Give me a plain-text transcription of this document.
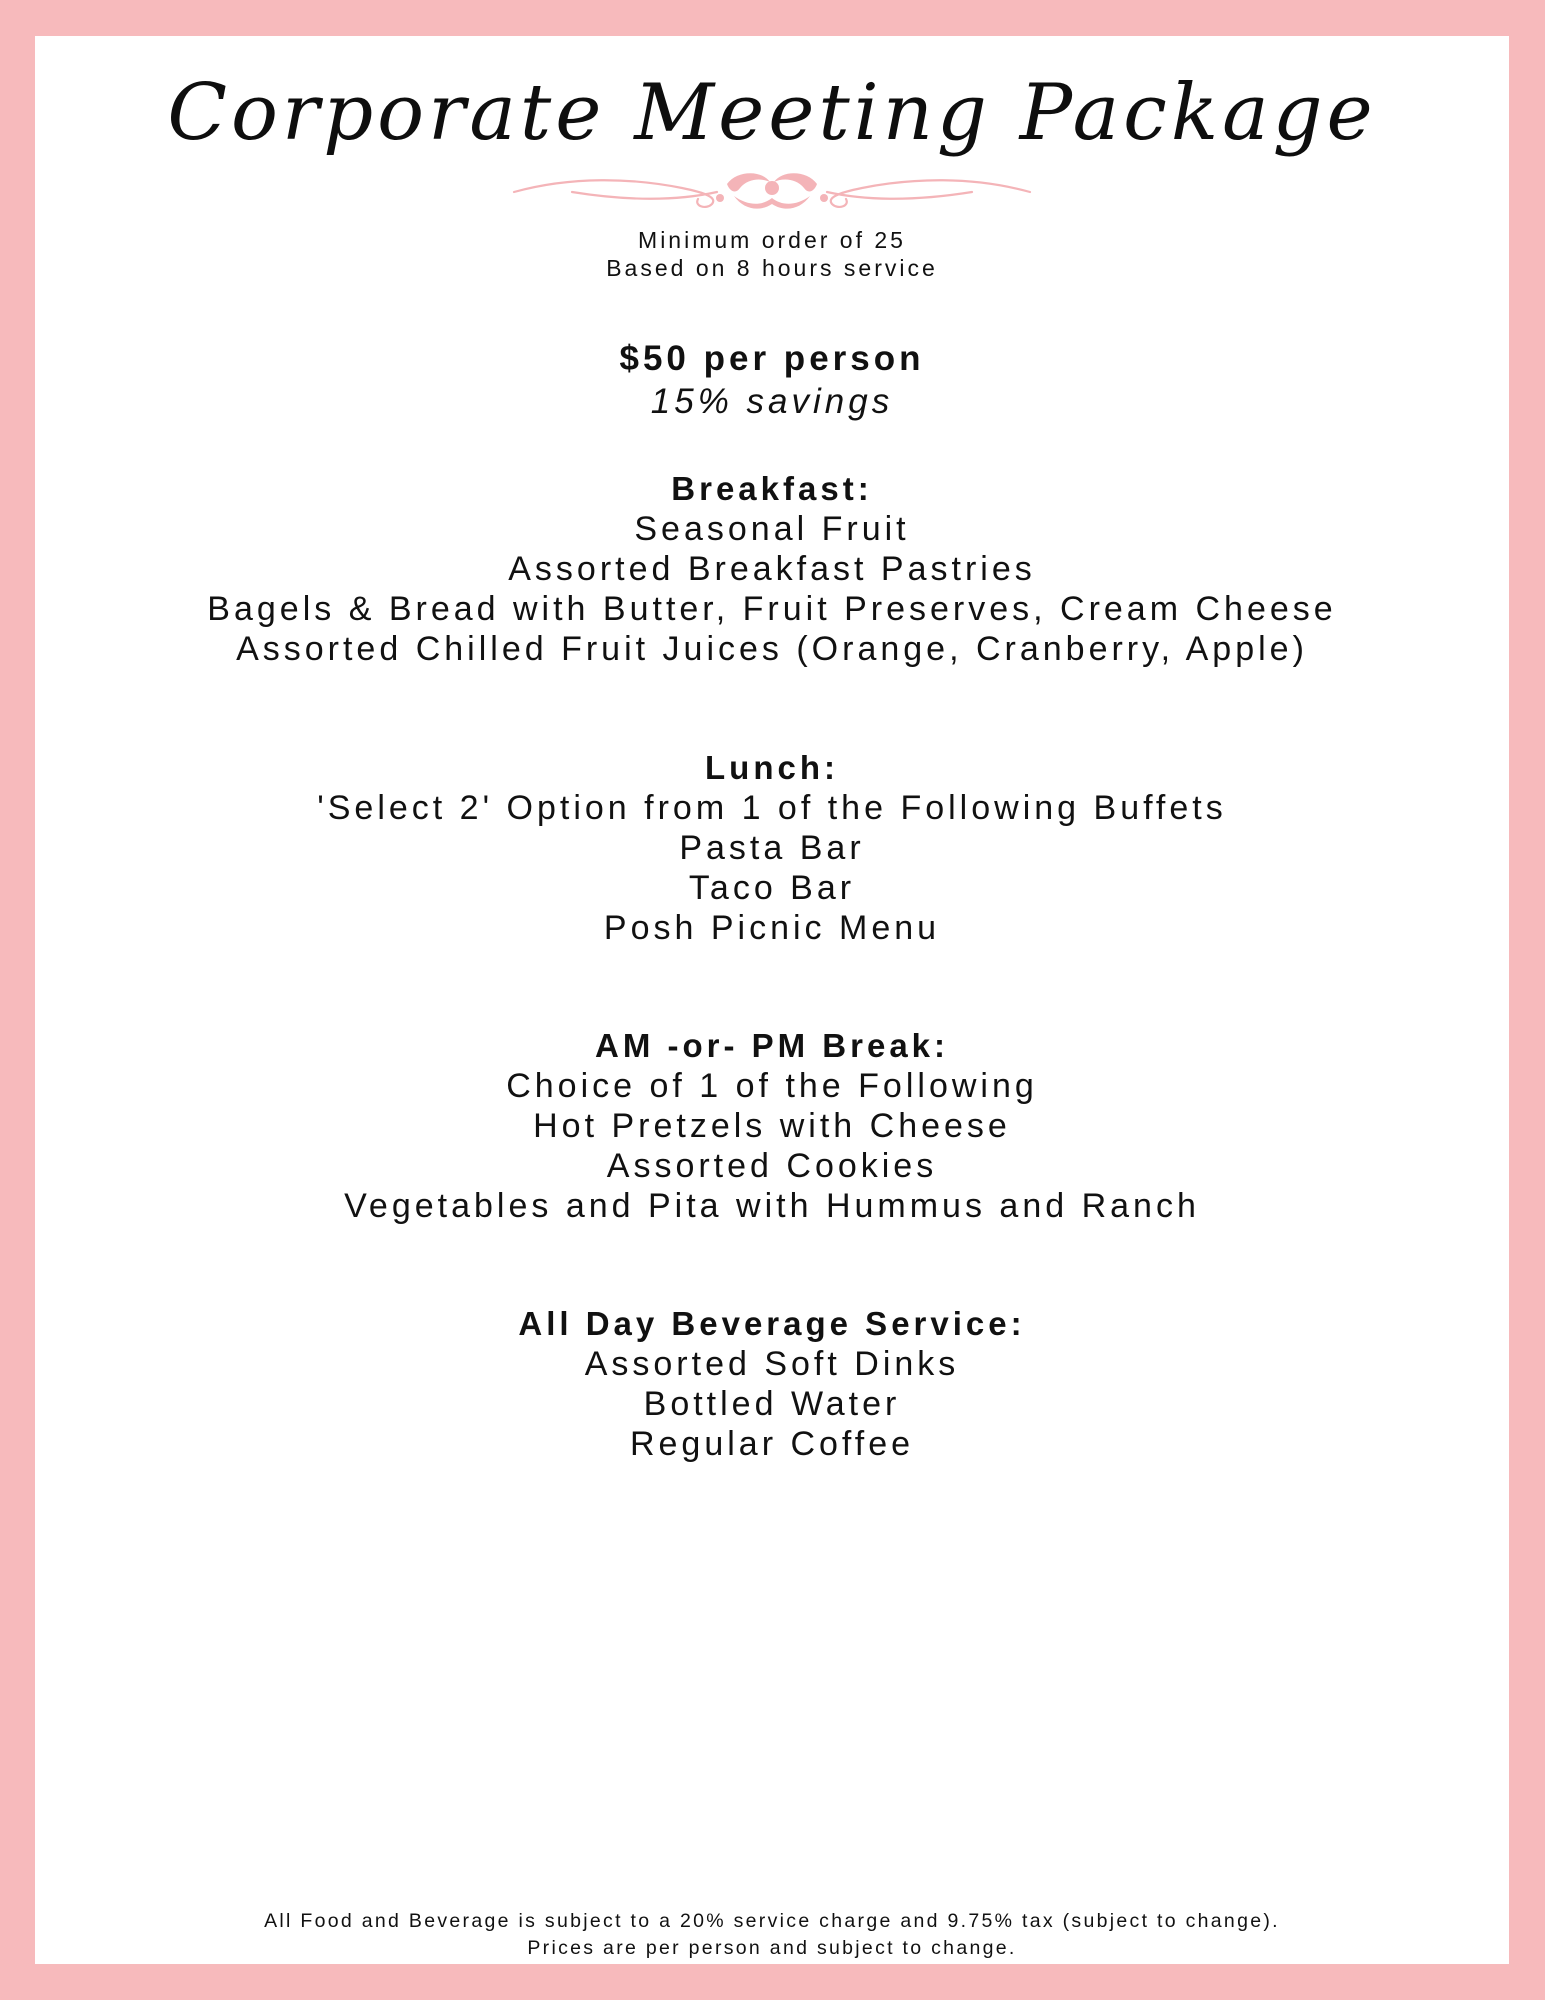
Corporate Meeting Package
Minimum order of 25
Based on 8 hours service
$50 per person
15% savings
Breakfast:
Seasonal Fruit
Assorted Breakfast Pastries
Bagels & Bread with Butter, Fruit Preserves, Cream Cheese
Assorted Chilled Fruit Juices (Orange, Cranberry, Apple)
Lunch:
'Select 2' Option from 1 of the Following Buffets
Pasta Bar
Taco Bar
Posh Picnic Menu
AM -or- PM Break:
Choice of 1 of the Following
Hot Pretzels with Cheese
Assorted Cookies
Vegetables and Pita with Hummus and Ranch
All Day Beverage Service:
Assorted Soft Dinks
Bottled Water
Regular Coffee
All Food and Beverage is subject to a 20% service charge and 9.75% tax (subject to change).
Prices are per person and subject to change.
